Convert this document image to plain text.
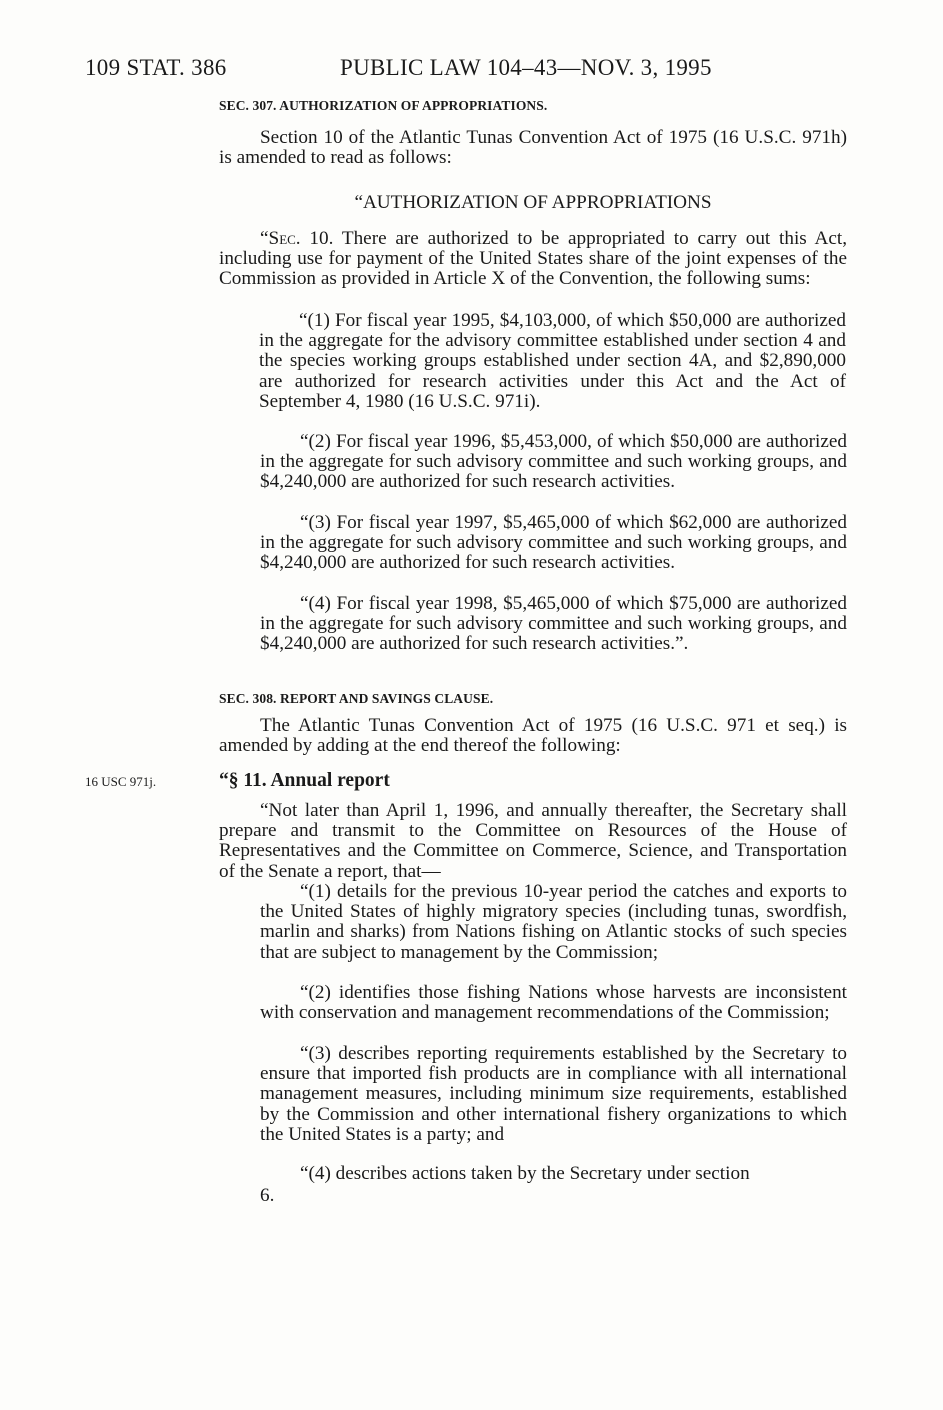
109 STAT. 386	PUBLIC LAW 104–43—NOV. 3, 1995
SEC. 307. AUTHORIZATION OF APPROPRIATIONS.

Section 10 of the Atlantic Tunas Convention Act of 1975 (16 U.S.C. 971h) is amended to read as follows:

“AUTHORIZATION OF APPROPRIATIONS

“Sec. 10. There are authorized to be appropriated to carry out this Act, including use for payment of the United States share of the joint expenses of the Commission as provided in Article X of the Convention, the following sums:

“(1) For fiscal year 1995, $4,103,000, of which $50,000 are authorized in the aggregate for the advisory committee established under section 4 and the species working groups established under section 4A, and $2,890,000 are authorized for research activities under this Act and the Act of September 4, 1980 (16 U.S.C. 971i).

“(2) For fiscal year 1996, $5,453,000, of which $50,000 are authorized in the aggregate for such advisory committee and such working groups, and $4,240,000 are authorized for such research activities.

“(3) For fiscal year 1997, $5,465,000 of which $62,000 are authorized in the aggregate for such advisory committee and such working groups, and $4,240,000 are authorized for such research activities.

“(4) For fiscal year 1998, $5,465,000 of which $75,000 are authorized in the aggregate for such advisory committee and such working groups, and $4,240,000 are authorized for such research activities.”.

SEC. 308. REPORT AND SAVINGS CLAUSE.

The Atlantic Tunas Convention Act of 1975 (16 U.S.C. 971 et seq.) is amended by adding at the end thereof the following:

16 USC 971j.	“§ 11. Annual report

“Not later than April 1, 1996, and annually thereafter, the Secretary shall prepare and transmit to the Committee on Resources of the House of Representatives and the Committee on Commerce, Science, and Transportation of the Senate a report, that—

“(1) details for the previous 10-year period the catches and exports to the United States of highly migratory species (including tunas, swordfish, marlin and sharks) from Nations fishing on Atlantic stocks of such species that are subject to management by the Commission;

“(2) identifies those fishing Nations whose harvests are inconsistent with conservation and management recommendations of the Commission;

“(3) describes reporting requirements established by the Secretary to ensure that imported fish products are in compliance with all international management measures, including minimum size requirements, established by the Commission and other international fishery organizations to which the United States is a party; and

“(4) describes actions taken by the Secretary under section

6.
